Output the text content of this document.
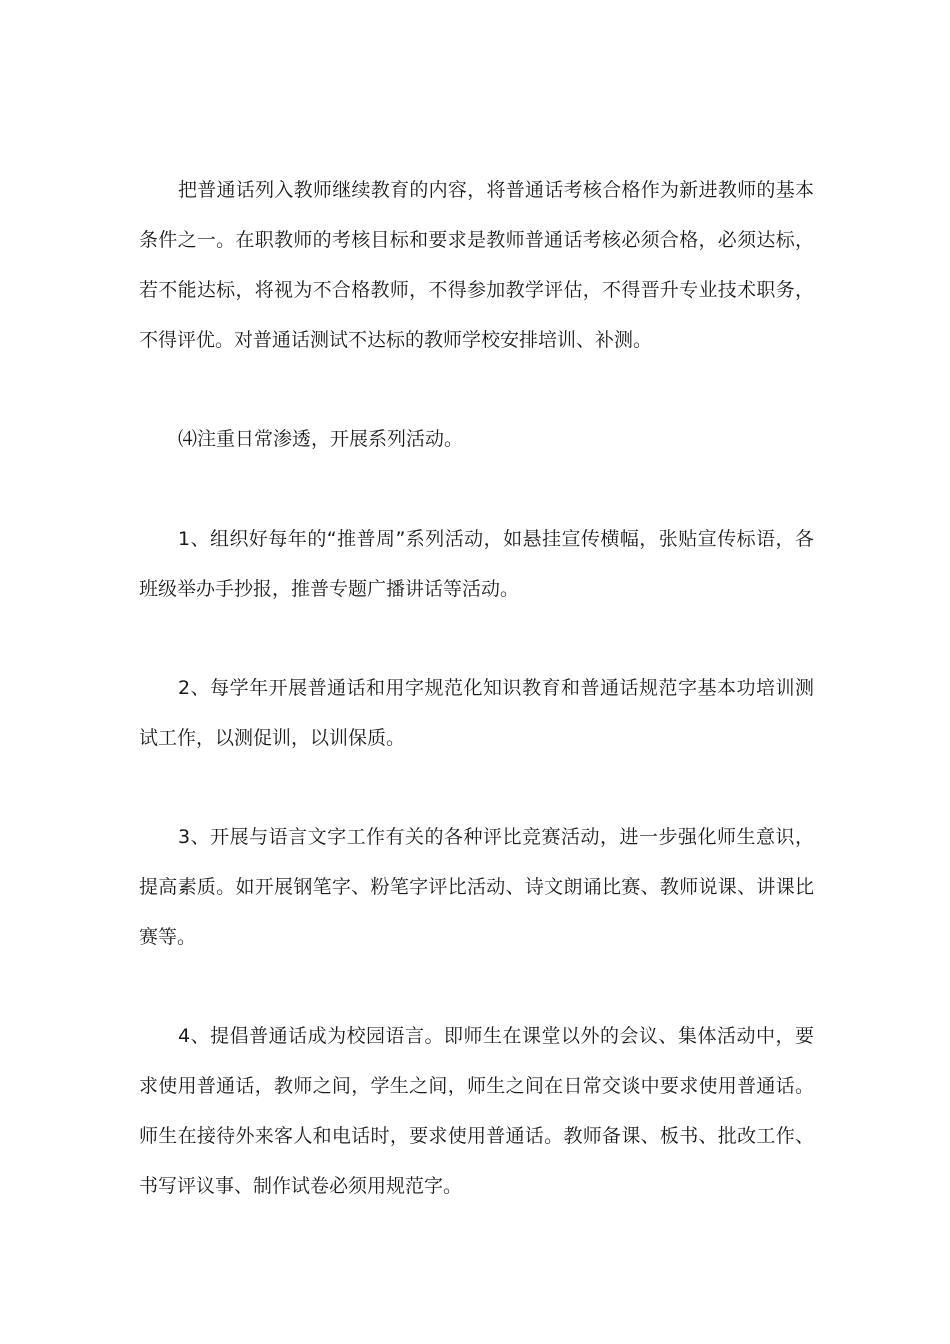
把普通话列入教师继续教育的内容，将普通话考核合格作为新进教师的基本条件之一。在职教师的考核目标和要求是教师普通话考核必须合格，必须达标，若不能达标，将视为不合格教师，不得参加教学评估，不得晋升专业技术职务，不得评优。对普通话测试不达标的教师学校安排培训、补测。

⑷注重日常渗透，开展系列活动。

1、组织好每年的“推普周”系列活动，如悬挂宣传横幅，张贴宣传标语，各班级举办手抄报，推普专题广播讲话等活动。

2、每学年开展普通话和用字规范化知识教育和普通话规范字基本功培训测试工作，以测促训，以训保质。

3、开展与语言文字工作有关的各种评比竞赛活动，进一步强化师生意识，提高素质。如开展钢笔字、粉笔字评比活动、诗文朗诵比赛、教师说课、讲课比赛等。

4、提倡普通话成为校园语言。即师生在课堂以外的会议、集体活动中，要求使用普通话，教师之间，学生之间，师生之间在日常交谈中要求使用普通话。师生在接待外来客人和电话时，要求使用普通话。教师备课、板书、批改工作、书写评议事、制作试卷必须用规范字。
